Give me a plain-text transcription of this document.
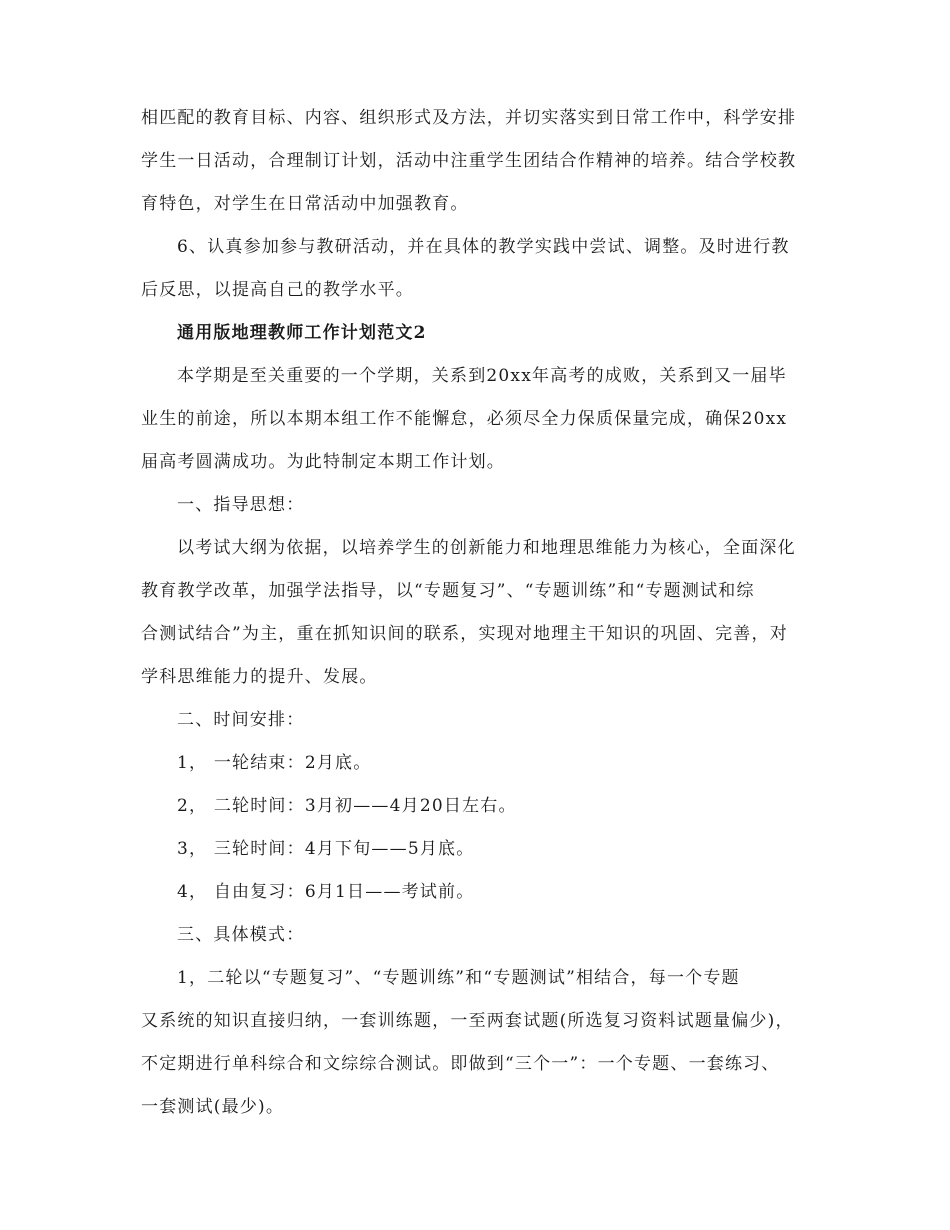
相匹配的教育目标、内容、组织形式及方法，并切实落实到日常工作中，科学安排
学生一日活动，合理制订计划，活动中注重学生团结合作精神的培养。结合学校教
育特色，对学生在日常活动中加强教育。
6、认真参加参与教研活动，并在具体的教学实践中尝试、调整。及时进行教
后反思，以提高自己的教学水平。
通用版地理教师工作计划范文2
本学期是至关重要的一个学期，关系到20xx年高考的成败，关系到又一届毕
业生的前途，所以本期本组工作不能懈怠，必须尽全力保质保量完成，确保20xx
届高考圆满成功。为此特制定本期工作计划。
一、指导思想：
以考试大纲为依据，以培养学生的创新能力和地理思维能力为核心，全面深化
教育教学改革，加强学法指导，以“专题复习”、“专题训练”和“专题测试和综
合测试结合”为主，重在抓知识间的联系，实现对地理主干知识的巩固、完善，对
学科思维能力的提升、发展。
二、时间安排：
1， 一轮结束：2月底。
2， 二轮时间：3月初——4月20日左右。
3， 三轮时间：4月下旬——5月底。
4， 自由复习：6月1日——考试前。
三、具体模式：
1，二轮以“专题复习”、“专题训练”和“专题测试”相结合，每一个专题
又系统的知识直接归纳，一套训练题，一至两套试题(所选复习资料试题量偏少)，
不定期进行单科综合和文综综合测试。即做到“三个一”：一个专题、一套练习、
一套测试(最少)。
